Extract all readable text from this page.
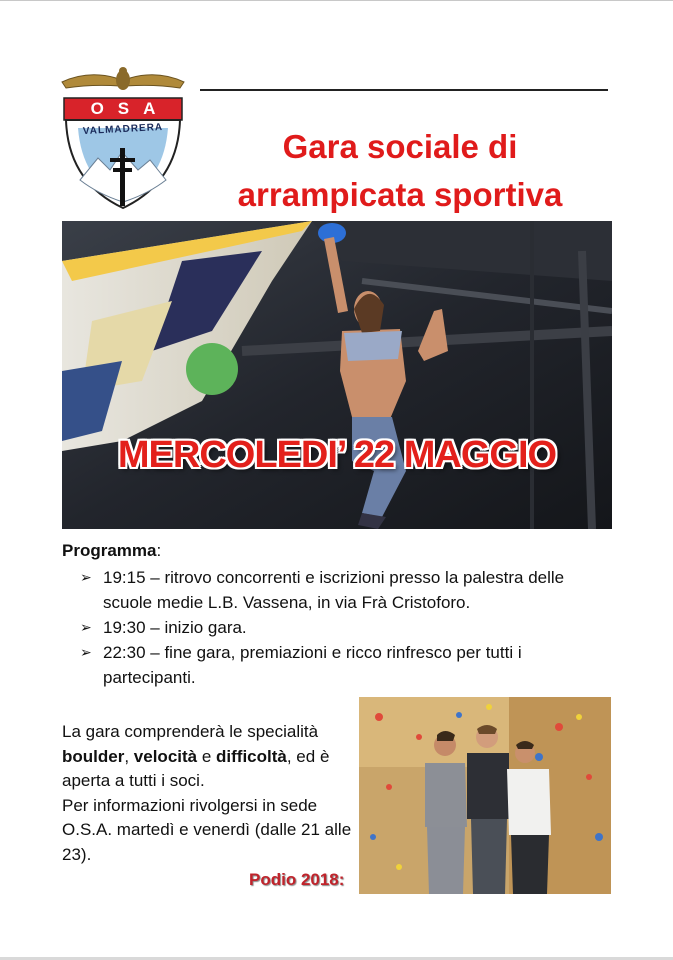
OSA
VALMADRERA	Gara sociale di
arrampicata sportiva
MERCOLEDI’ 22 MAGGIO
Programma:
➢ 19:15 – ritrovo concorrenti e iscrizioni presso la palestra delle scuole medie L.B. Vassena, in via Frà Cristoforo.
➢ 19:30 – inizio gara.
➢ 22:30 – fine gara, premiazioni e ricco rinfresco per tutti i partecipanti.
La gara comprenderà le specialità
boulder, velocità e difficoltà, ed è aperta a tutti i soci.
Per informazioni rivolgersi in sede O.S.A. martedì e venerdì (dalle 21 alle 23).
Podio 2018:
